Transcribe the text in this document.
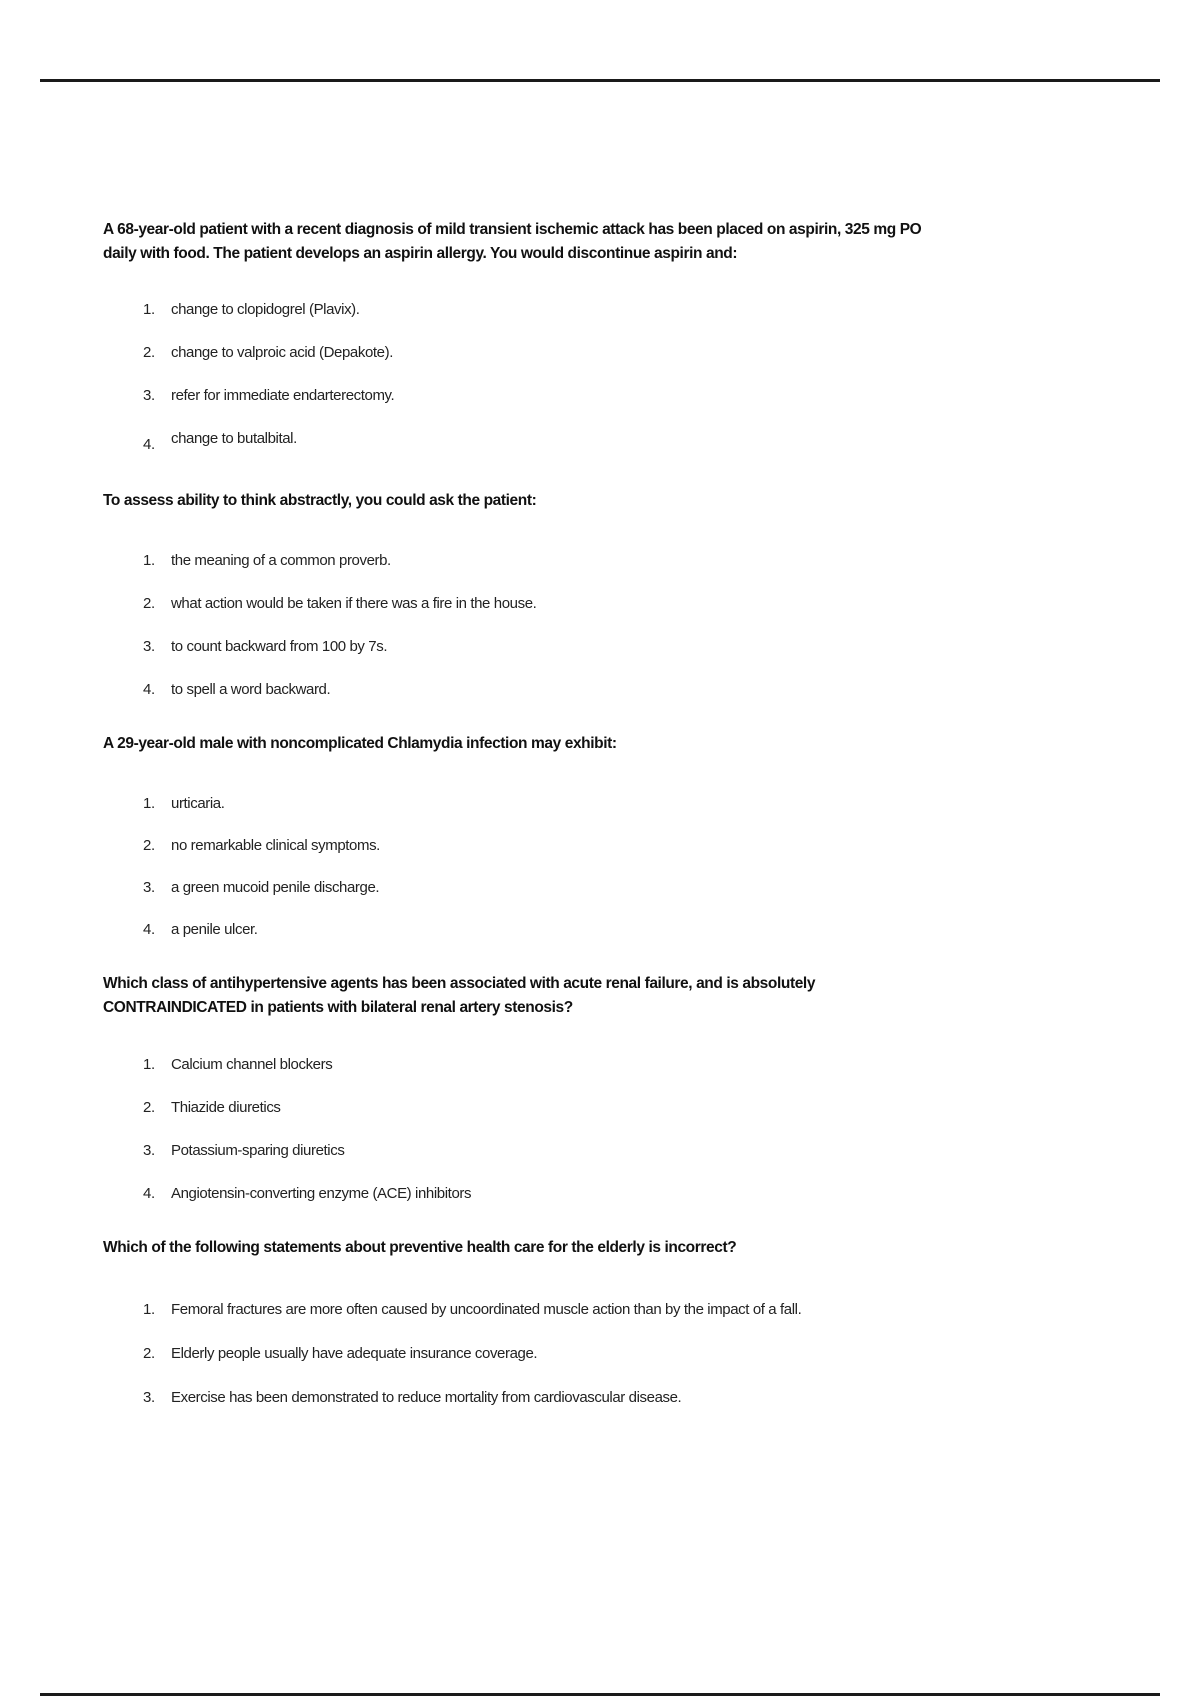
A 68-year-old patient with a recent diagnosis of mild transient ischemic attack has been placed on aspirin, 325 mg PO daily with food. The patient develops an aspirin allergy. You would discontinue aspirin and:

1.	change to clopidogrel (Plavix).
2.	change to valproic acid (Depakote).
3.	refer for immediate endarterectomy.
4.	change to butalbital.

To assess ability to think abstractly, you could ask the patient:

1.	the meaning of a common proverb.
2.	what action would be taken if there was a fire in the house.
3.	to count backward from 100 by 7s.
4.	to spell a word backward.

A 29-year-old male with noncomplicated Chlamydia infection may exhibit:

1.	urticaria.
2.	no remarkable clinical symptoms.
3.	a green mucoid penile discharge.
4.	a penile ulcer.

Which class of antihypertensive agents has been associated with acute renal failure, and is absolutely CONTRAINDICATED in patients with bilateral renal artery stenosis?

1.	Calcium channel blockers
2.	Thiazide diuretics
3.	Potassium-sparing diuretics
4.	Angiotensin-converting enzyme (ACE) inhibitors

Which of the following statements about preventive health care for the elderly is incorrect?

1.	Femoral fractures are more often caused by uncoordinated muscle action than by the impact of a fall.
2.	Elderly people usually have adequate insurance coverage.
3.	Exercise has been demonstrated to reduce mortality from cardiovascular disease.
